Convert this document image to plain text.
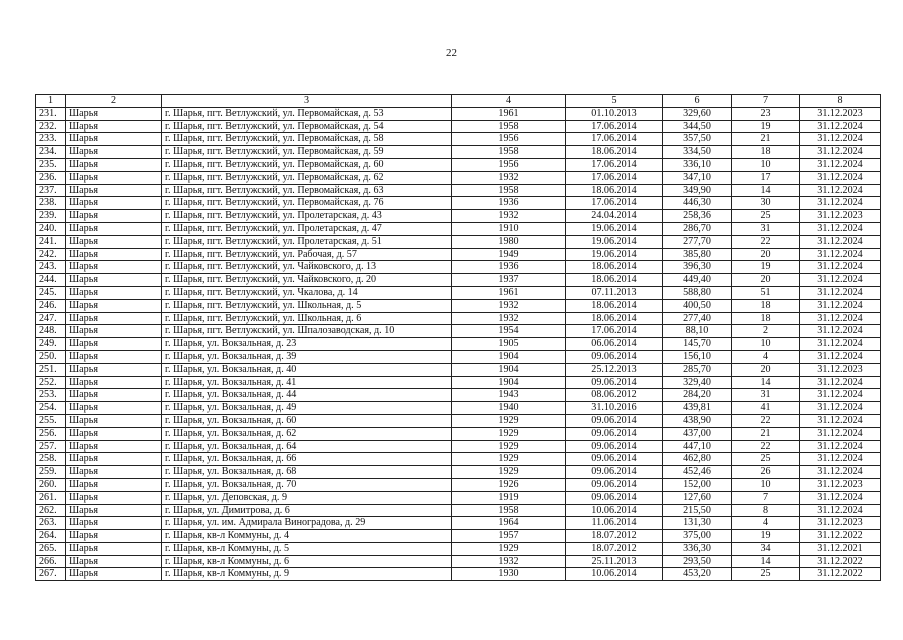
22
1	2	3	4	5	6	7	8
231.	Шарья	г. Шарья, пгт. Ветлужский, ул. Первомайская, д. 53	1961	01.10.2013	329,60	23	31.12.2023
232.	Шарья	г. Шарья, пгт. Ветлужский, ул. Первомайская, д. 54	1958	17.06.2014	344,50	19	31.12.2024
233.	Шарья	г. Шарья, пгт. Ветлужский, ул. Первомайская, д. 58	1956	17.06.2014	357,50	21	31.12.2024
234.	Шарья	г. Шарья, пгт. Ветлужский, ул. Первомайская, д. 59	1958	18.06.2014	334,50	18	31.12.2024
235.	Шарья	г. Шарья, пгт. Ветлужский, ул. Первомайская, д. 60	1956	17.06.2014	336,10	10	31.12.2024
236.	Шарья	г. Шарья, пгт. Ветлужский, ул. Первомайская, д. 62	1932	17.06.2014	347,10	17	31.12.2024
237.	Шарья	г. Шарья, пгт. Ветлужский, ул. Первомайская, д. 63	1958	18.06.2014	349,90	14	31.12.2024
238.	Шарья	г. Шарья, пгт. Ветлужский, ул. Первомайская, д. 76	1936	17.06.2014	446,30	30	31.12.2024
239.	Шарья	г. Шарья, пгт. Ветлужский, ул. Пролетарская, д. 43	1932	24.04.2014	258,36	25	31.12.2023
240.	Шарья	г. Шарья, пгт. Ветлужский, ул. Пролетарская, д. 47	1910	19.06.2014	286,70	31	31.12.2024
241.	Шарья	г. Шарья, пгт. Ветлужский, ул. Пролетарская, д. 51	1980	19.06.2014	277,70	22	31.12.2024
242.	Шарья	г. Шарья, пгт. Ветлужский, ул. Рабочая, д. 57	1949	19.06.2014	385,80	20	31.12.2024
243.	Шарья	г. Шарья, пгт. Ветлужский, ул. Чайковского, д. 13	1936	18.06.2014	396,30	19	31.12.2024
244.	Шарья	г. Шарья, пгт. Ветлужский, ул. Чайковского, д. 20	1937	18.06.2014	449,40	20	31.12.2024
245.	Шарья	г. Шарья, пгт. Ветлужский, ул. Чкалова, д. 14	1961	07.11.2013	588,80	51	31.12.2024
246.	Шарья	г. Шарья, пгт. Ветлужский, ул. Школьная, д. 5	1932	18.06.2014	400,50	18	31.12.2024
247.	Шарья	г. Шарья, пгт. Ветлужский, ул. Школьная, д. 6	1932	18.06.2014	277,40	18	31.12.2024
248.	Шарья	г. Шарья, пгт. Ветлужский, ул. Шпалозаводская, д. 10	1954	17.06.2014	88,10	2	31.12.2024
249.	Шарья	г. Шарья, ул. Вокзальная, д. 23	1905	06.06.2014	145,70	10	31.12.2024
250.	Шарья	г. Шарья, ул. Вокзальная, д. 39	1904	09.06.2014	156,10	4	31.12.2024
251.	Шарья	г. Шарья, ул. Вокзальная, д. 40	1904	25.12.2013	285,70	20	31.12.2023
252.	Шарья	г. Шарья, ул. Вокзальная, д. 41	1904	09.06.2014	329,40	14	31.12.2024
253.	Шарья	г. Шарья, ул. Вокзальная, д. 44	1943	08.06.2012	284,20	31	31.12.2024
254.	Шарья	г. Шарья, ул. Вокзальная, д. 49	1940	31.10.2016	439,81	41	31.12.2024
255.	Шарья	г. Шарья, ул. Вокзальная, д. 60	1929	09.06.2014	438,90	22	31.12.2024
256.	Шарья	г. Шарья, ул. Вокзальная, д. 62	1929	09.06.2014	437,00	21	31.12.2024
257.	Шарья	г. Шарья, ул. Вокзальная, д. 64	1929	09.06.2014	447,10	22	31.12.2024
258.	Шарья	г. Шарья, ул. Вокзальная, д. 66	1929	09.06.2014	462,80	25	31.12.2024
259.	Шарья	г. Шарья, ул. Вокзальная, д. 68	1929	09.06.2014	452,46	26	31.12.2024
260.	Шарья	г. Шарья, ул. Вокзальная, д. 70	1926	09.06.2014	152,00	10	31.12.2023
261.	Шарья	г. Шарья, ул. Деповская, д. 9	1919	09.06.2014	127,60	7	31.12.2024
262.	Шарья	г. Шарья, ул. Димитрова, д. 6	1958	10.06.2014	215,50	8	31.12.2024
263.	Шарья	г. Шарья, ул. им. Адмирала Виноградова, д. 29	1964	11.06.2014	131,30	4	31.12.2023
264.	Шарья	г. Шарья, кв-л Коммуны, д. 4	1957	18.07.2012	375,00	19	31.12.2022
265.	Шарья	г. Шарья, кв-л Коммуны, д. 5	1929	18.07.2012	336,30	34	31.12.2021
266.	Шарья	г. Шарья, кв-л Коммуны, д. 6	1932	25.11.2013	293,50	14	31.12.2022
267.	Шарья	г. Шарья, кв-л Коммуны, д. 9	1930	10.06.2014	453,20	25	31.12.2022
